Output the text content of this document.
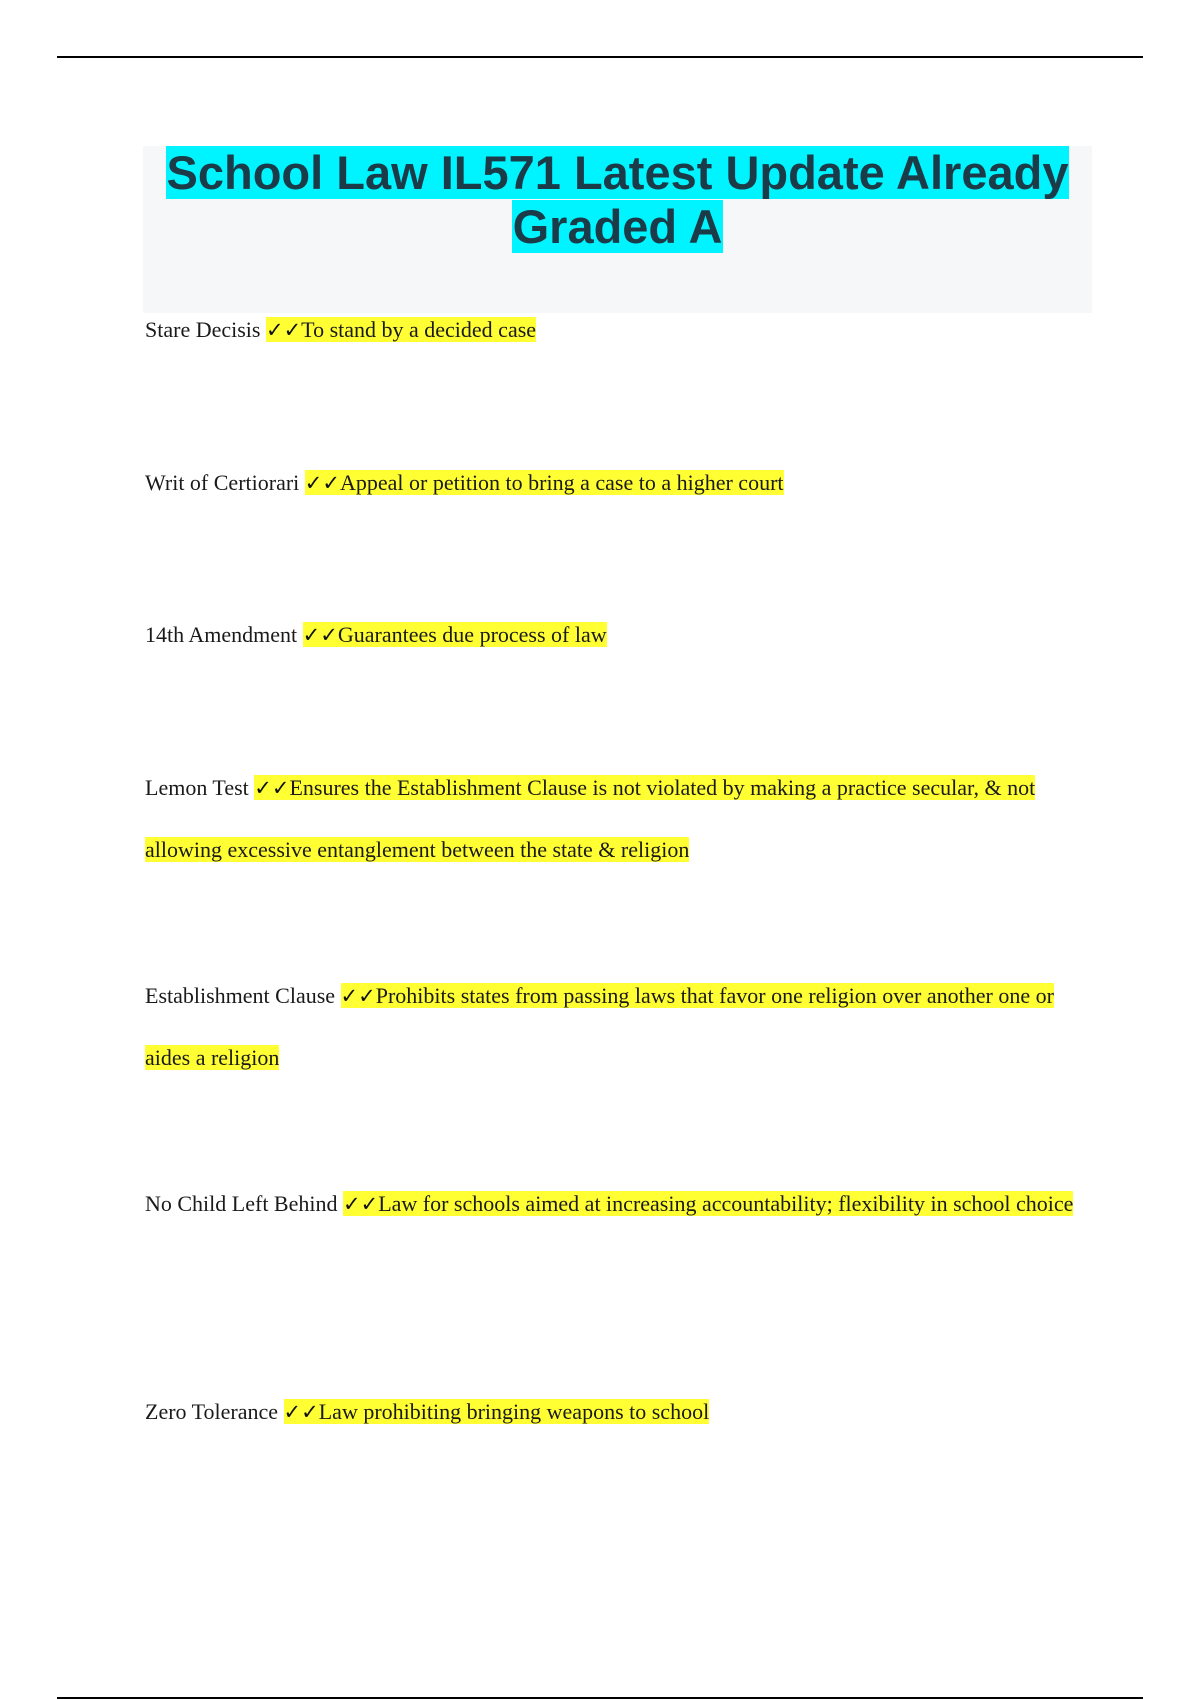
School Law IL571 Latest Update Already Graded A

Stare Decisis ✓✓To stand by a decided case

Writ of Certiorari ✓✓Appeal or petition to bring a case to a higher court

14th Amendment ✓✓Guarantees due process of law

Lemon Test ✓✓Ensures the Establishment Clause is not violated by making a practice secular, & not allowing excessive entanglement between the state & religion

Establishment Clause ✓✓Prohibits states from passing laws that favor one religion over another one or aides a religion

No Child Left Behind ✓✓Law for schools aimed at increasing accountability; flexibility in school choice

Zero Tolerance ✓✓Law prohibiting bringing weapons to school
